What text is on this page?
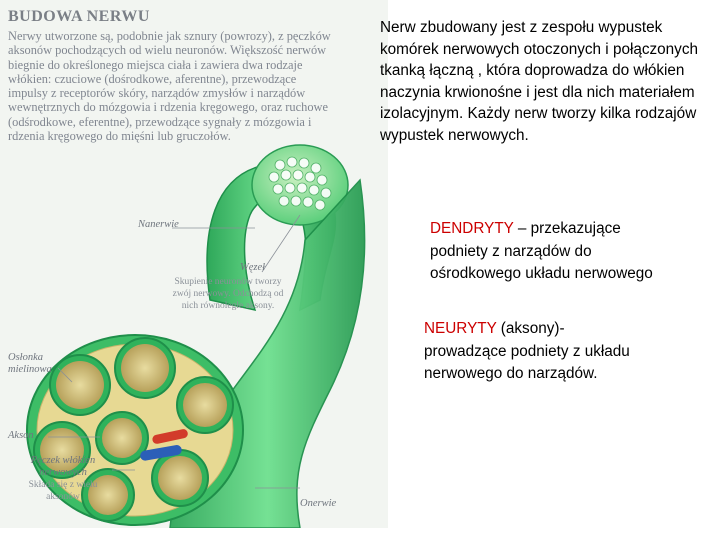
BUDOWA NERWU
Nerwy utworzone są, podobnie jak sznury (powrozy), z pęczków aksonów pochodzących od wielu neuronów. Większość nerwów biegnie do określonego miejsca ciała i zawiera dwa rodzaje włókien: czuciowe (dośrodkowe, aferentne), przewodzące impulsy z receptorów skóry, narządów zmysłów i narządów wewnętrznych do mózgowia i rdzenia kręgowego, oraz ruchowe (odśrodkowe, eferentne), przewodzące sygnały z mózgowia i rdzenia kręgowego do mięśni lub gruczołów.
Nanerwie
Węzeł
Skupienie neuronów tworzy
zwój nerwowy. Odchodzą od
nich równolegle aksony.
Osłonka
mielinowa
Akson
Pęczek włókien
nerwowych
Składa się z wielu
aksonów
Onerwie
Nerw zbudowany jest z zespołu wypustek komórek nerwowych otoczonych i połączonych tkanką łączną , która doprowadza do włókien naczynia krwionośne i jest dla nich materiałem izolacyjnym. Każdy nerw tworzy kilka rodzajów wypustek nerwowych.
DENDRYTY – przekazujące podniety z narządów do ośrodkowego układu nerwowego
NEURYTY (aksony)- prowadzące podniety z układu nerwowego do narządów.
